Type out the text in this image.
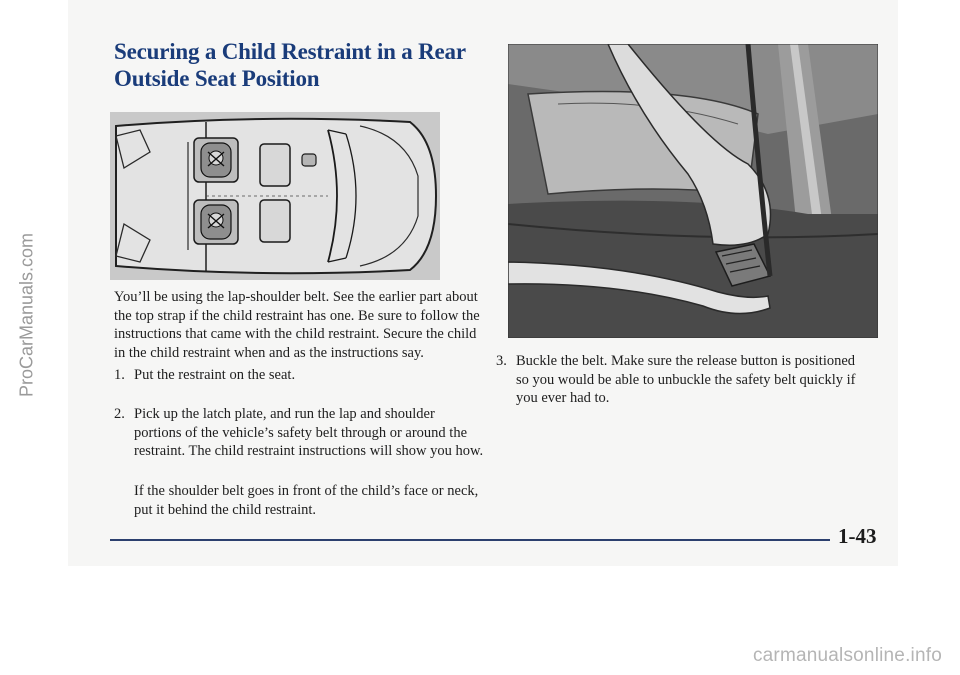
Securing a Child Restraint in a Rear
Outside Seat Position

You’ll be using the lap-shoulder belt. See the earlier part about the top strap if the child restraint has one. Be sure to follow the instructions that came with the child restraint. Secure the child in the child restraint when and as the instructions say.

1. Put the restraint on the seat.
2. Pick up the latch plate, and run the lap and shoulder portions of the vehicle’s safety belt through or around the restraint. The child restraint instructions will show you how.

If the shoulder belt goes in front of the child’s face or neck, put it behind the child restraint.

3. Buckle the belt. Make sure the release button is positioned so you would be able to unbuckle the safety belt quickly if you ever had to.
1-43
ProCarManuals.com
carmanualsonline.info
